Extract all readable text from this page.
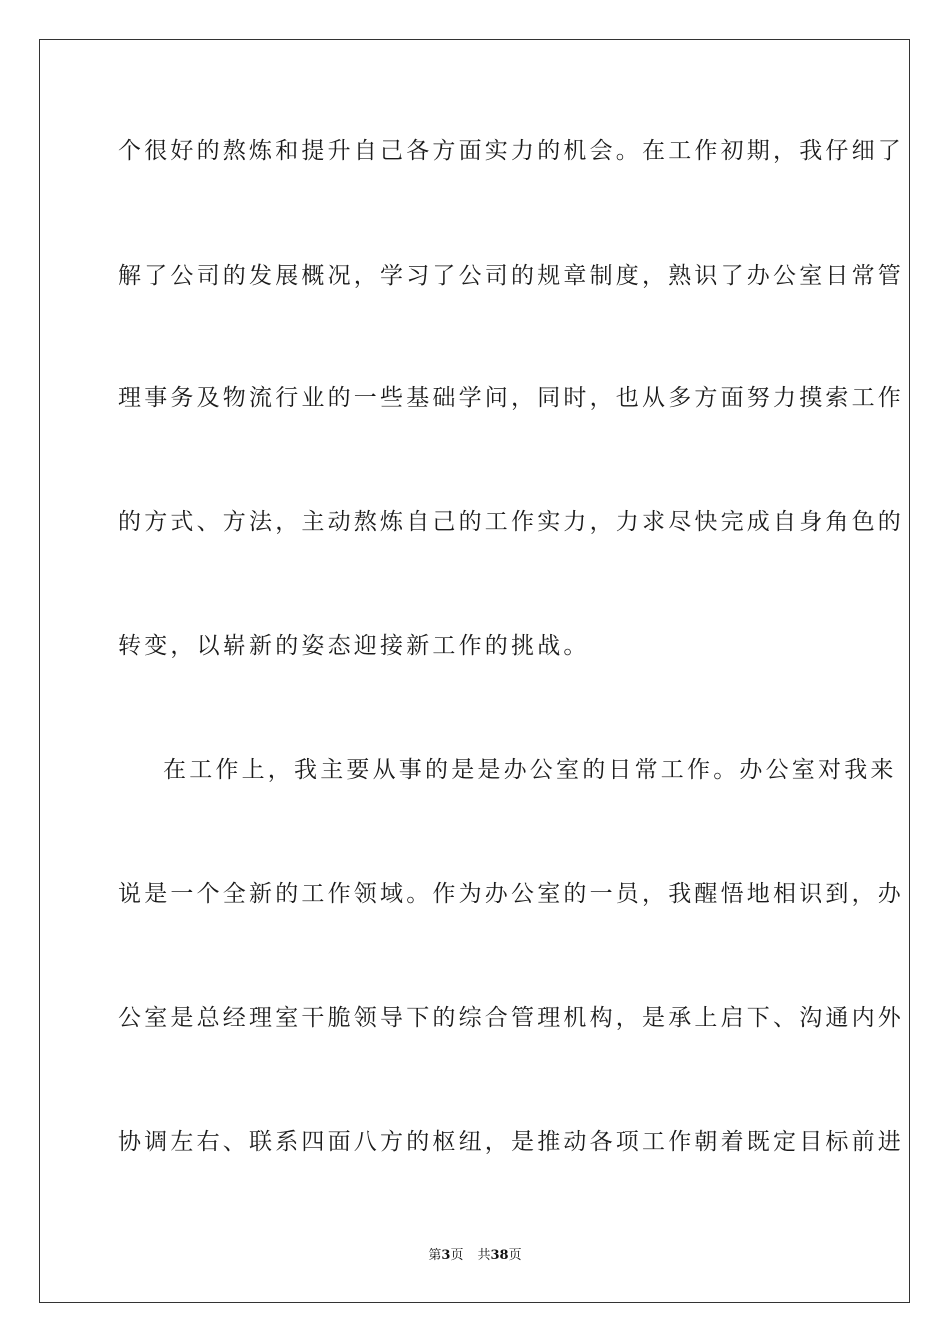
个很好的熬炼和提升自己各方面实力的机会。在工作初期，我仔细了
解了公司的发展概况，学习了公司的规章制度，熟识了办公室日常管
理事务及物流行业的一些基础学问，同时，也从多方面努力摸索工作
的方式、方法，主动熬炼自己的工作实力，力求尽快完成自身角色的
转变，以崭新的姿态迎接新工作的挑战。
在工作上，我主要从事的是是办公室的日常工作。办公室对我来
说是一个全新的工作领域。作为办公室的一员，我醒悟地相识到，办
公室是总经理室干脆领导下的综合管理机构，是承上启下、沟通内外
协调左右、联系四面八方的枢纽，是推动各项工作朝着既定目标前进
第3页 共38页
